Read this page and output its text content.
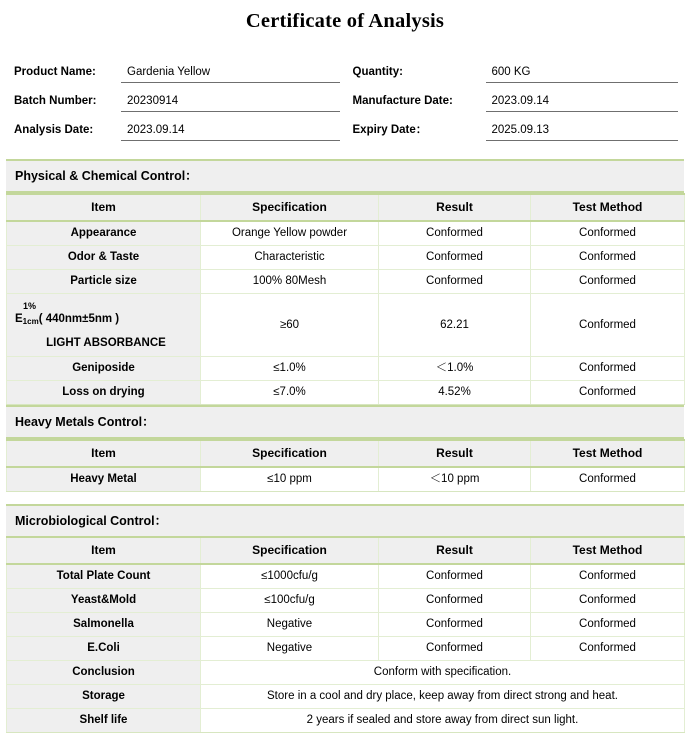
Certificate of Analysis
Product Name:	Gardenia Yellow
Batch Number:	20230914
Analysis Date:	2023.09.14
Quantity:	600 KG
Manufacture Date:	2023.09.14
Expiry Date：	2025.09.13
Physical & Chemical Control：
Item	Specification	Result	Test Method
Appearance	Orange Yellow powder	Conformed	Conformed
Odor & Taste	Characteristic	Conformed	Conformed
Particle size	100% 80Mesh	Conformed	Conformed

1%
$E_{1cm}$( 440nm±5nm )
LIGHT ABSORBANCE	≥60	62.21	Conformed
Geniposide	≤1.0%	＜1.0%	Conformed
Loss on drying	≤7.0%	4.52%	Conformed
Heavy Metals Control：
Item	Specification	Result	Test Method
Heavy Metal	≤10 ppm	＜10 ppm	Conformed
Microbiological Control：
Item	Specification	Result	Test Method
Total Plate Count	≤1000cfu/g	Conformed	Conformed
Yeast&Mold	≤100cfu/g	Conformed	Conformed
Salmonella	Negative	Conformed	Conformed
E.Coli	Negative	Conformed	Conformed
Conclusion	Conform with specification.		
Storage	Store in a cool and dry place, keep away from direct strong and heat.		
Shelf life	2 years if sealed and store away from direct sun light.		
